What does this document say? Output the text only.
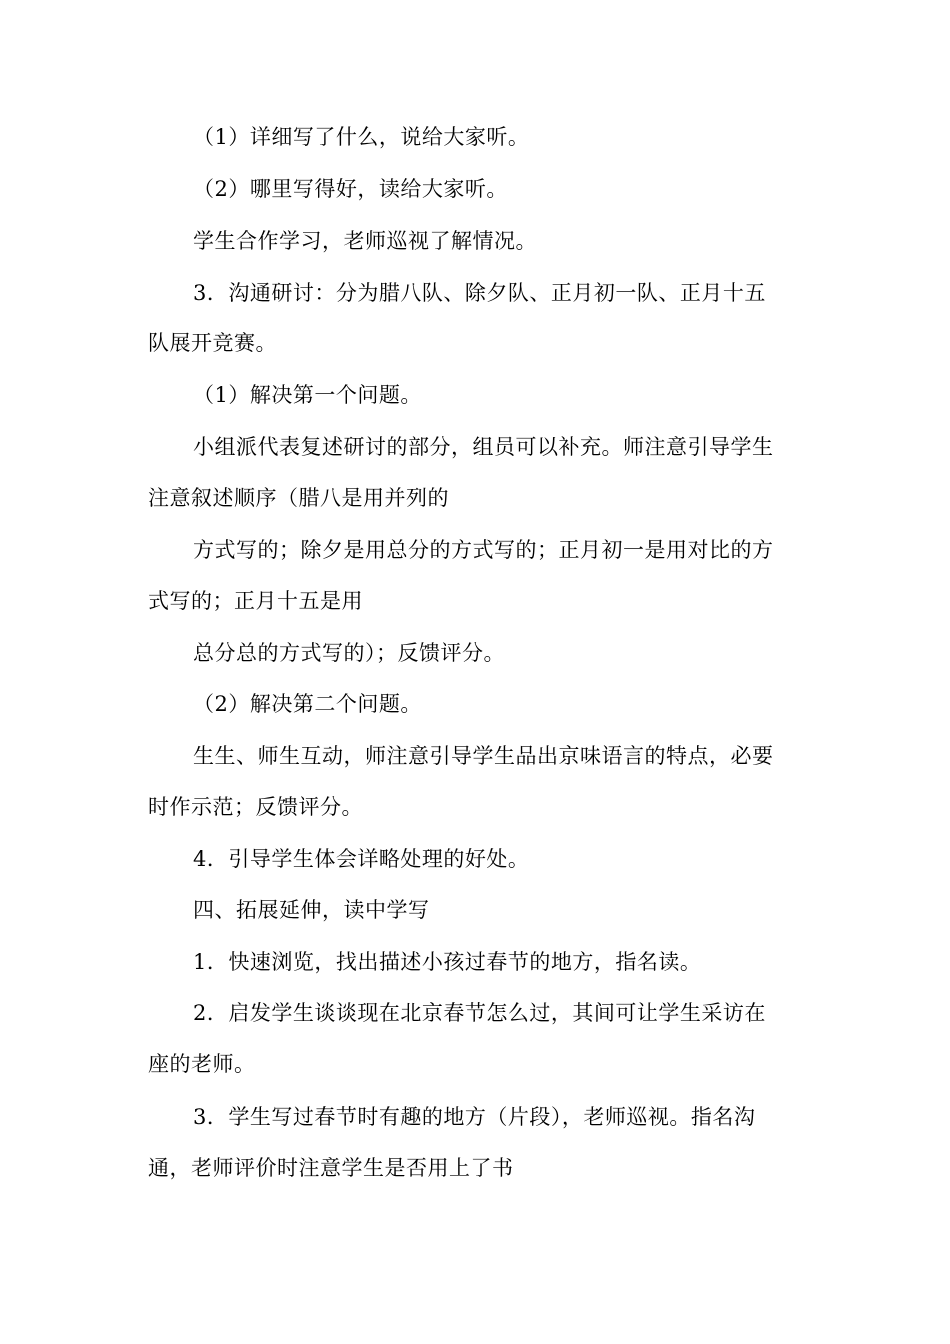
（1）详细写了什么，说给大家听。
（2）哪里写得好，读给大家听。
学生合作学习，老师巡视了解情况。
3．沟通研讨：分为腊八队、除夕队、正月初一队、正月十五
队展开竞赛。
（1）解决第一个问题。
小组派代表复述研讨的部分，组员可以补充。师注意引导学生
注意叙述顺序（腊八是用并列的
方式写的；除夕是用总分的方式写的；正月初一是用对比的方
式写的；正月十五是用
总分总的方式写的）；反馈评分。
（2）解决第二个问题。
生生、师生互动，师注意引导学生品出京味语言的特点，必要
时作示范；反馈评分。
4．引导学生体会详略处理的好处。
四、拓展延伸，读中学写
1．快速浏览，找出描述小孩过春节的地方，指名读。
2．启发学生谈谈现在北京春节怎么过，其间可让学生采访在
座的老师。
3．学生写过春节时有趣的地方（片段），老师巡视。指名沟
通，老师评价时注意学生是否用上了书
